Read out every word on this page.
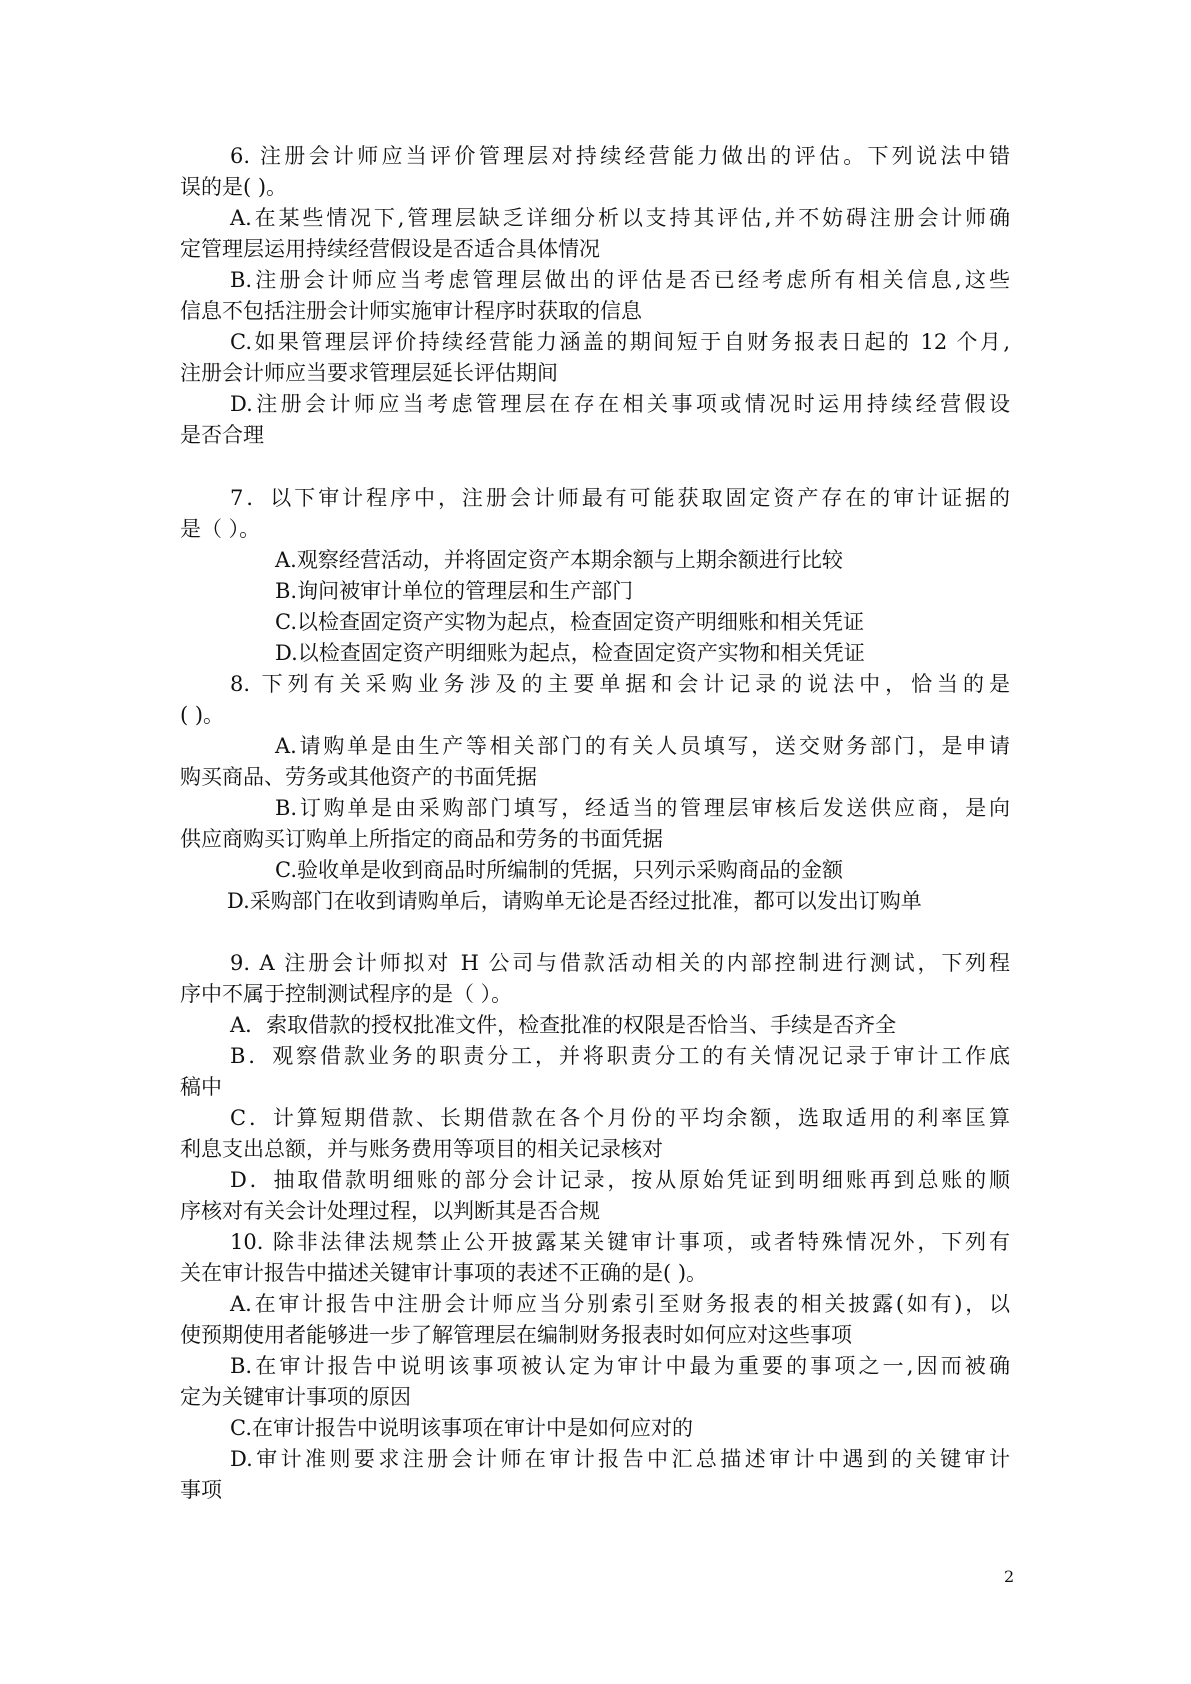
6. 注册会计师应当评价管理层对持续经营能力做出的评估。下列说法中错
误的是( )。
A.在某些情况下,管理层缺乏详细分析以支持其评估,并不妨碍注册会计师确
定管理层运用持续经营假设是否适合具体情况
B.注册会计师应当考虑管理层做出的评估是否已经考虑所有相关信息,这些
信息不包括注册会计师实施审计程序时获取的信息
C.如果管理层评价持续经营能力涵盖的期间短于自财务报表日起的 12 个月,
注册会计师应当要求管理层延长评估期间
D.注册会计师应当考虑管理层在存在相关事项或情况时运用持续经营假设
是否合理
7．以下审计程序中，注册会计师最有可能获取固定资产存在的审计证据的
是（ ）。
A.观察经营活动，并将固定资产本期余额与上期余额进行比较
B.询问被审计单位的管理层和生产部门
C.以检查固定资产实物为起点，检查固定资产明细账和相关凭证
D.以检查固定资产明细账为起点，检查固定资产实物和相关凭证
8. 下列有关采购业务涉及的主要单据和会计记录的说法中，恰当的是
( )。
A.请购单是由生产等相关部门的有关人员填写，送交财务部门，是申请
购买商品、劳务或其他资产的书面凭据
B.订购单是由采购部门填写，经适当的管理层审核后发送供应商，是向
供应商购买订购单上所指定的商品和劳务的书面凭据
C.验收单是收到商品时所编制的凭据，只列示采购商品的金额
D.采购部门在收到请购单后，请购单无论是否经过批准，都可以发出订购单
9. A 注册会计师拟对 H 公司与借款活动相关的内部控制进行测试，下列程
序中不属于控制测试程序的是（ ）。
A．索取借款的授权批准文件，检查批准的权限是否恰当、手续是否齐全
B．观察借款业务的职责分工，并将职责分工的有关情况记录于审计工作底
稿中
C．计算短期借款、长期借款在各个月份的平均余额，选取适用的利率匡算
利息支出总额，并与账务费用等项目的相关记录核对
D．抽取借款明细账的部分会计记录，按从原始凭证到明细账再到总账的顺
序核对有关会计处理过程，以判断其是否合规
10. 除非法律法规禁止公开披露某关键审计事项，或者特殊情况外，下列有
关在审计报告中描述关键审计事项的表述不正确的是( )。
A.在审计报告中注册会计师应当分别索引至财务报表的相关披露(如有)，以
使预期使用者能够进一步了解管理层在编制财务报表时如何应对这些事项
B.在审计报告中说明该事项被认定为审计中最为重要的事项之一,因而被确
定为关键审计事项的原因
C.在审计报告中说明该事项在审计中是如何应对的
D.审计准则要求注册会计师在审计报告中汇总描述审计中遇到的关键审计
事项
2
